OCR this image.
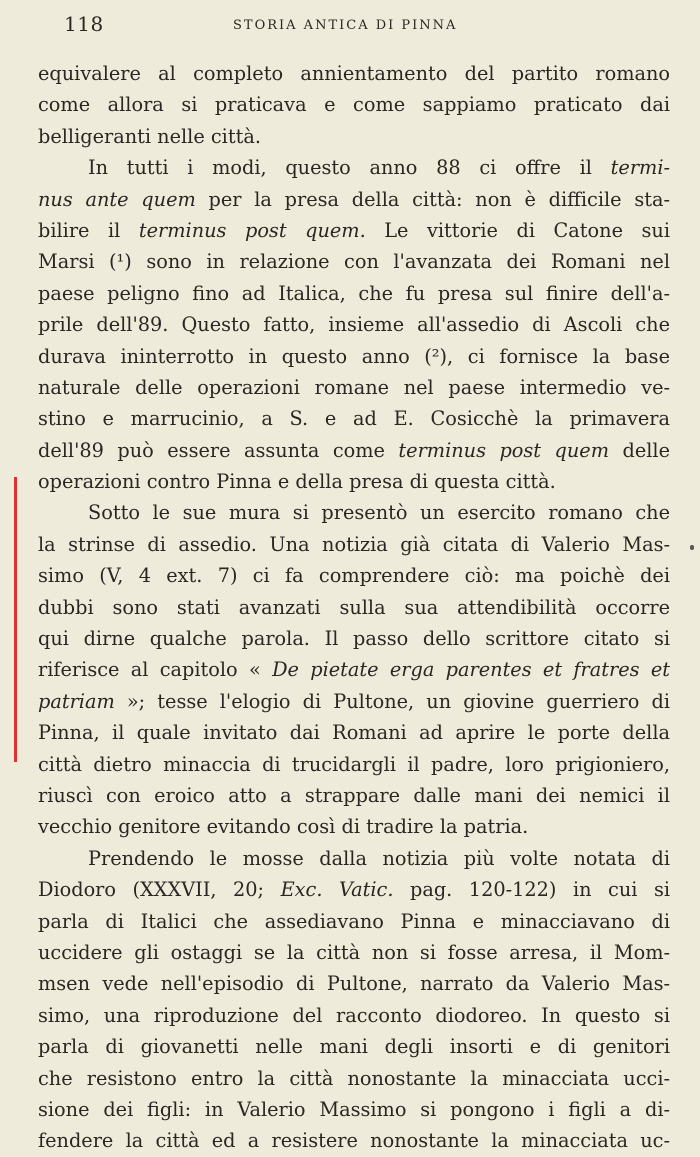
118	STORIA ANTICA DI PINNA
equivalere al completo annientamento del partito romano
come allora si praticava e come sappiamo praticato dai
belligeranti nelle città.
In tutti i modi, questo anno 88 ci offre il termi-
nus ante quem per la presa della città: non è difficile sta-
bilire il terminus post quem. Le vittorie di Catone sui
Marsi (¹) sono in relazione con l'avanzata dei Romani nel
paese peligno fino ad Italica, che fu presa sul finire dell'a-
prile dell'89. Questo fatto, insieme all'assedio di Ascoli che
durava ininterrotto in questo anno (²), ci fornisce la base
naturale delle operazioni romane nel paese intermedio ve-
stino e marrucinio, a S. e ad E. Cosicchè la primavera
dell'89 può essere assunta come terminus post quem delle
operazioni contro Pinna e della presa di questa città.
Sotto le sue mura si presentò un esercito romano che
la strinse di assedio. Una notizia già citata di Valerio Mas-
simo (V, 4 ext. 7) ci fa comprendere ciò: ma poichè dei
dubbi sono stati avanzati sulla sua attendibilità occorre
qui dirne qualche parola. Il passo dello scrittore citato si
riferisce al capitolo « De pietate erga parentes et fratres et
patriam »; tesse l'elogio di Pultone, un giovine guerriero di
Pinna, il quale invitato dai Romani ad aprire le porte della
città dietro minaccia di trucidargli il padre, loro prigioniero,
riuscì con eroico atto a strappare dalle mani dei nemici il
vecchio genitore evitando così di tradire la patria.
Prendendo le mosse dalla notizia più volte notata di
Diodoro (XXXVII, 20; Exc. Vatic. pag. 120-122) in cui si
parla di Italici che assediavano Pinna e minacciavano di
uccidere gli ostaggi se la città non si fosse arresa, il Mom-
msen vede nell'episodio di Pultone, narrato da Valerio Mas-
simo, una riproduzione del racconto diodoreo. In questo si
parla di giovanetti nelle mani degli insorti e di genitori
che resistono entro la città nonostante la minacciata ucci-
sione dei figli: in Valerio Massimo si pongono i figli a di-
fendere la città ed a resistere nonostante la minacciata uc-
